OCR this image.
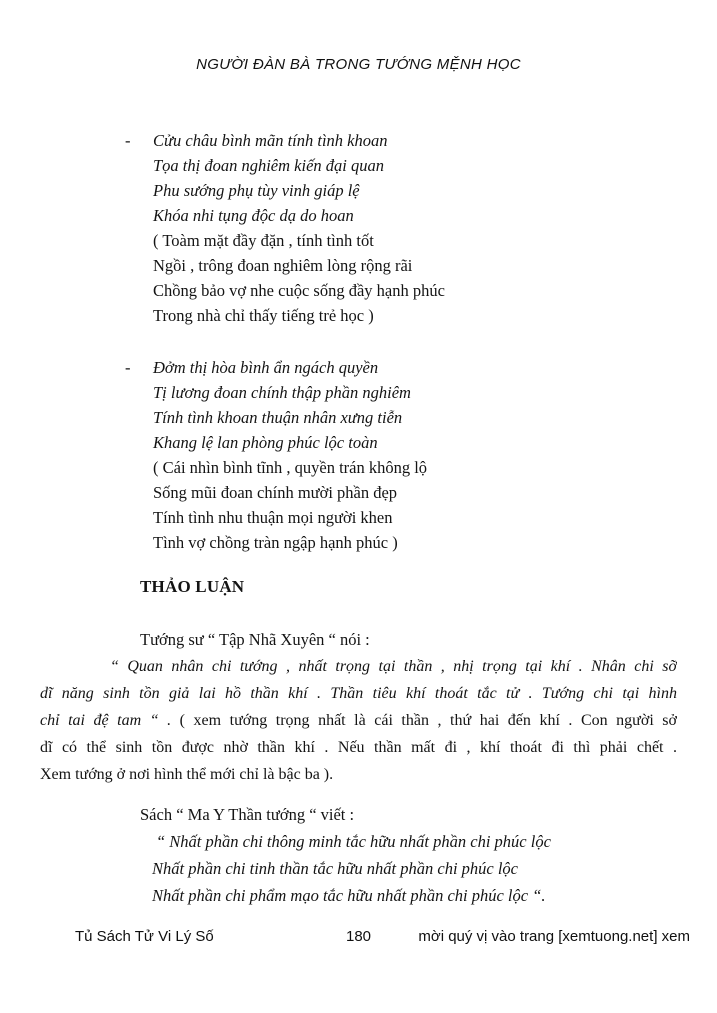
NGƯỜI ĐÀN BÀ TRONG TƯỚNG MỆNH HỌC
-	Cửu châu bình mãn tính tình khoan
Tọa thị đoan nghiêm kiến đại quan
Phu sướng phụ tùy vinh giáp lệ
Khóa nhi tụng độc dạ do hoan
( Toàm mặt đầy đặn , tính tình tốt
Ngồi , trông đoan nghiêm lòng rộng rãi
Chồng bảo vợ nhe cuộc sống đầy hạnh phúc
Trong nhà chỉ thấy tiếng trẻ học )
-	Đởm thị hòa bình ẩn ngách quyền
Tị lương đoan chính thập phần nghiêm
Tính tình khoan thuận nhân xưng tiễn
Khang lệ lan phòng phúc lộc toàn
( Cái nhìn bình tĩnh , quyền trán không lộ
Sống mũi đoan chính mười phần đẹp
Tính tình nhu thuận mọi người khen
Tình vợ chồng tràn ngập hạnh phúc )
THẢO LUẬN
Tướng sư “ Tập Nhã Xuyên “ nói :
“ Quan nhân chi tướng , nhất trọng tại thần , nhị trọng tại khí . Nhân chi sỡ
dĩ năng sinh tồn giả lai hồ thần khí . Thần tiêu khí thoát tắc tử . Tướng chi tại hình
chỉ tai đệ tam “ . ( xem tướng trọng nhất là cái thần , thứ hai đến khí . Con người sở
dĩ có thể sinh tồn được nhờ thần khí . Nếu thần mất đi , khí thoát đi thì phải chết .
Xem tướng ở nơi hình thể mới chỉ là bậc ba ).
Sách “ Ma Y Thần tướng “ viết :
“ Nhất phần chi thông minh tắc hữu nhất phần chi phúc lộc
Nhất phần chi tinh thần tắc hữu nhất phần chi phúc lộc
Nhất phần chi phẩm mạo tắc hữu nhất phần chi phúc lộc “.
Tủ Sách Tử Vi Lý Số	180	mời quý vị vào trang [xemtuong.net] xem
